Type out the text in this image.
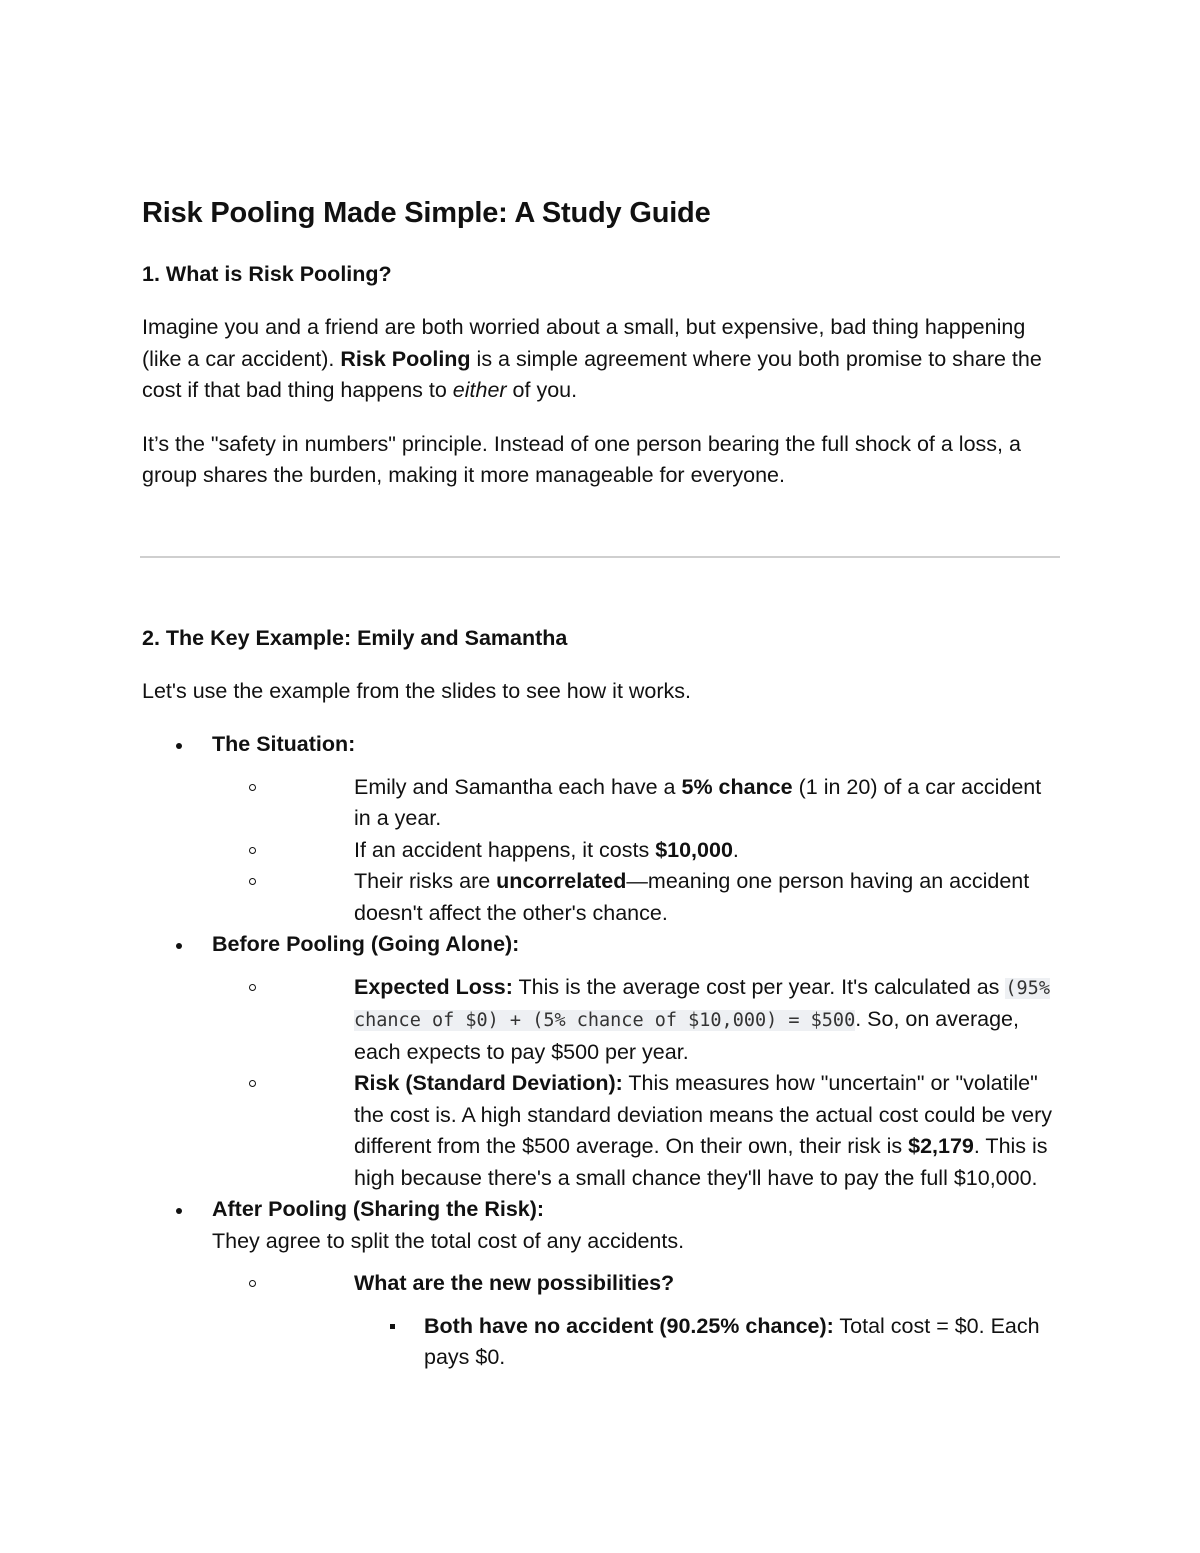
Risk Pooling Made Simple: A Study Guide
1. What is Risk Pooling?

Imagine you and a friend are both worried about a small, but expensive, bad thing happening (like a car accident). Risk Pooling is a simple agreement where you both promise to share the cost if that bad thing happens to either of you.

It’s the "safety in numbers" principle. Instead of one person bearing the full shock of a loss, a group shares the burden, making it more manageable for everyone.

2. The Key Example: Emily and Samantha

Let's use the example from the slides to see how it works.

The Situation:
Emily and Samantha each have a 5% chance (1 in 20) of a car accident in a year.
If an accident happens, it costs $10,000.
Their risks are uncorrelated—meaning one person having an accident doesn't affect the other's chance.
Before Pooling (Going Alone):
Expected Loss: This is the average cost per year. It's calculated as (95% chance of $0) + (5% chance of $10,000) = $500. So, on average, each expects to pay $500 per year.
Risk (Standard Deviation): This measures how "uncertain" or "volatile" the cost is. A high standard deviation means the actual cost could be very different from the $500 average. On their own, their risk is $2,179. This is high because there's a small chance they'll have to pay the full $10,000.
After Pooling (Sharing the Risk):
They agree to split the total cost of any accidents.
What are the new possibilities?
Both have no accident (90.25% chance): Total cost = $0. Each pays $0.
